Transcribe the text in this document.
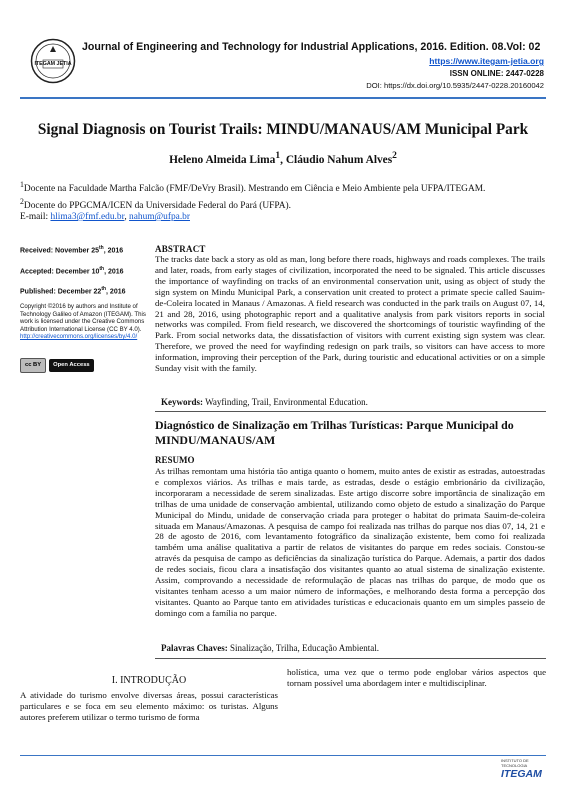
ITEGAM JETIA
Journal of Engineering and Technology for Industrial Applications, 2016. Edition. 08.Vol: 02
https://www.itegam-jetia.org
ISSN ONLINE: 2447-0228
DOI: https://dx.doi.org/10.5935/2447-0228.20160042
Signal Diagnosis on Tourist Trails: MINDU/MANAUS/AM Municipal Park
Heleno Almeida Lima$^1$, Cláudio Nahum Alves$^2$
$^1$Docente na Faculdade Martha Falcão (FMF/DeVry Brasil). Mestrando em Ciência e Meio Ambiente pela UFPA/ITEGAM.
$^2$Docente do PPGCMA/ICEN da Universidade Federal do Pará (UFPA).
E-mail: hlima3@fmf.edu.br, nahum@ufpa.br
Received: November 25th, 2016
Accepted: December 10th, 2016
Published: December 22th, 2016
Copyright ©2016 by authors and Institute of Technology Galileo of Amazon (ITEGAM). This work is licensed under the Creative Commons Attribution International License (CC BY 4.0). http://creativecommons.org/licenses/by/4.0/
cc BY Open Access
ABSTRACT
The tracks date back a story as old as man, long before there roads, highways and roads complexes. The trails and later, roads, from early stages of civilization, incorporated the need to be signaled. This article discusses the importance of wayfinding on tracks of an environmental conservation unit, using as object of study the sign system on Mindu Municipal Park, a conservation unit created to protect a primate specie called Sauim-de-Coleira located in Manaus / Amazonas. A field research was conducted in the park trails on August 07, 14, 21 and 28, 2016, using photographic report and a qualitative analysis from park visitors reports in social networks was compiled. From field research, we discovered the shortcomings of touristic wayfinding of the Park. From social networks data, the dissatisfaction of visitors with current existing sign system was clear. Therefore, we proved the need for wayfinding redesign on park trails, so visitors can have access to more information, improving their perception of the Park, during touristic and educational activities or on a simple Sunday visit with the family.
Keywords: Wayfinding, Trail, Environmental Education.
Diagnóstico de Sinalização em Trilhas Turísticas: Parque Municipal do MINDU/MANAUS/AM
RESUMO
As trilhas remontam uma história tão antiga quanto o homem, muito antes de existir as estradas, autoestradas e complexos viários. As trilhas e mais tarde, as estradas, desde o estágio embrionário da civilização, incorporaram a necessidade de serem sinalizadas. Este artigo discorre sobre importância de sinalização em trilhas de uma unidade de conservação ambiental, utilizando como objeto de estudo a sinalização do Parque Municipal do Mindu, unidade de conservação criada para proteger o habitat do primata Sauim-de-coleira situada em Manaus/Amazonas. A pesquisa de campo foi realizada nas trilhas do parque nos dias 07, 14, 21 e 28 de agosto de 2016, com levantamento fotográfico da sinalização existente, bem como foi realizada também uma análise qualitativa a partir de relatos de visitantes do parque em redes sociais. Constou-se através da pesquisa de campo as deficiências da sinalização turística do Parque. Ademais, a partir dos dados de redes sociais, ficou clara a insatisfação dos visitantes quanto ao atual sistema de sinalização existente. Assim, comprovando a necessidade de reformulação de placas nas trilhas do parque, de modo que os visitantes tenham acesso a um maior número de informações, e melhorando desta forma a percepção dos visitantes. Quanto ao Parque tanto em atividades turísticas e educacionais quanto em um simples passeio de domingo com a família no parque.
Palavras Chaves: Sinalização, Trilha, Educação Ambiental.
I. INTRODUÇÃO
A atividade do turismo envolve diversas áreas, possui características particulares e se foca em seu elemento máximo: os turistas. Alguns autores preferem utilizar o termo turismo de forma
holística, uma vez que o termo pode englobar vários aspectos que tornam possível uma abordagem inter e multidisciplinar.
INSTITUTO DE TECNOLOGIA
ITEGAM
